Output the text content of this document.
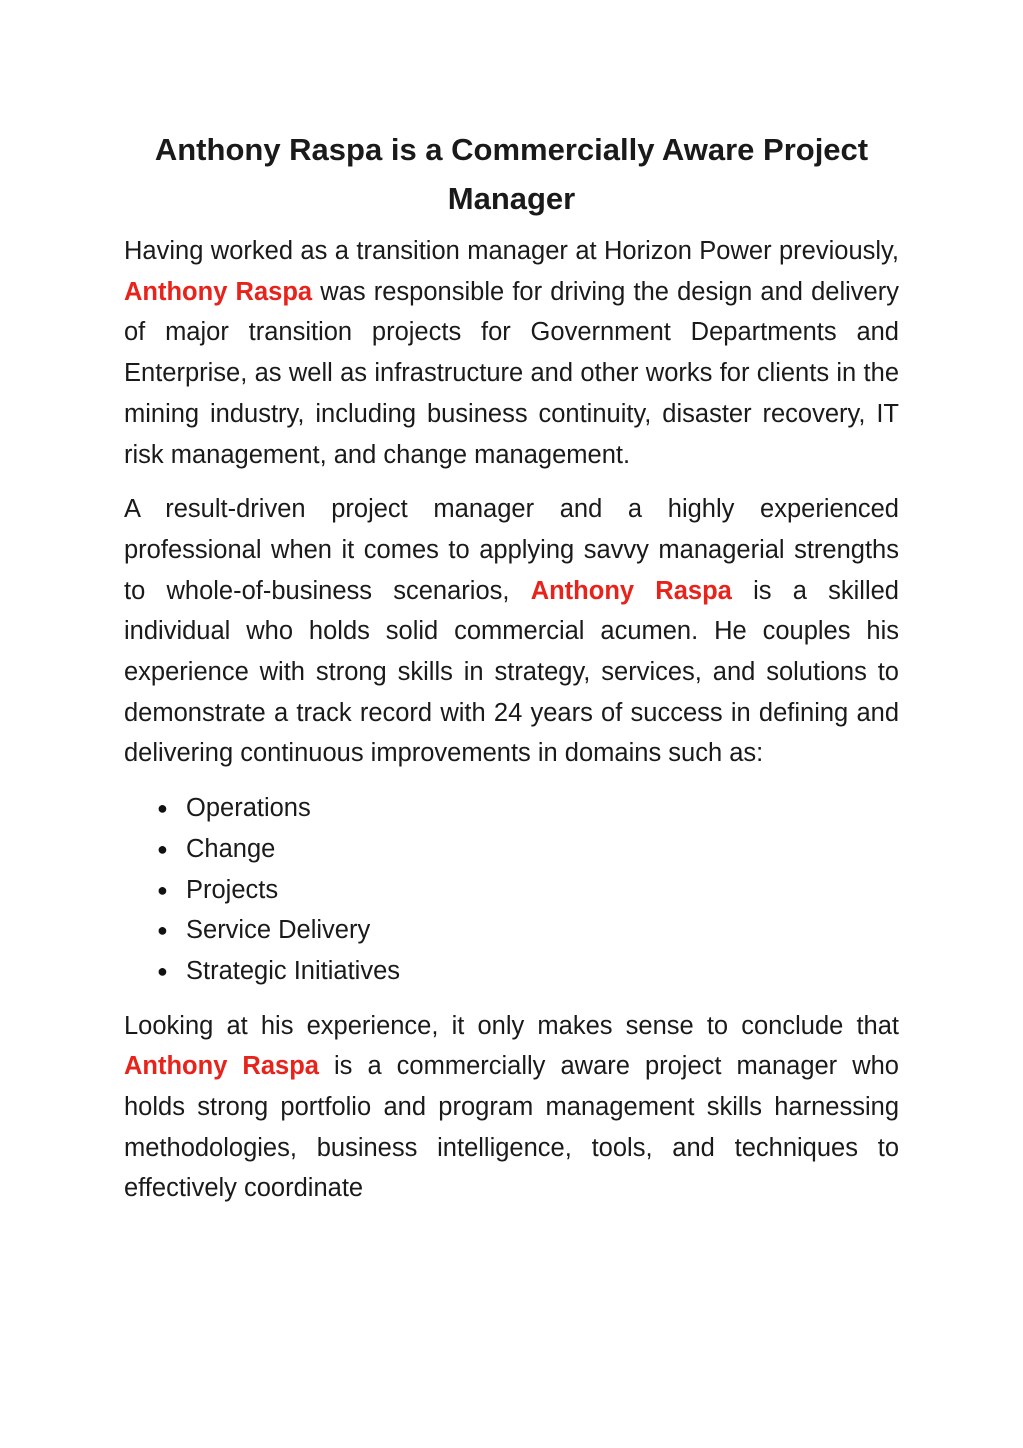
Anthony Raspa is a Commercially Aware Project Manager

Having worked as a transition manager at Horizon Power previously, Anthony Raspa was responsible for driving the design and delivery of major transition projects for Government Departments and Enterprise, as well as infrastructure and other works for clients in the mining industry, including business continuity, disaster recovery, IT risk management, and change management.

A result-driven project manager and a highly experienced professional when it comes to applying savvy managerial strengths to whole-of-business scenarios, Anthony Raspa is a skilled individual who holds solid commercial acumen. He couples his experience with strong skills in strategy, services, and solutions to demonstrate a track record with 24 years of success in defining and delivering continuous improvements in domains such as:

● Operations
● Change
● Projects
● Service Delivery
● Strategic Initiatives

Looking at his experience, it only makes sense to conclude that Anthony Raspa is a commercially aware project manager who holds strong portfolio and program management skills harnessing methodologies, business intelligence, tools, and techniques to effectively coordinate
